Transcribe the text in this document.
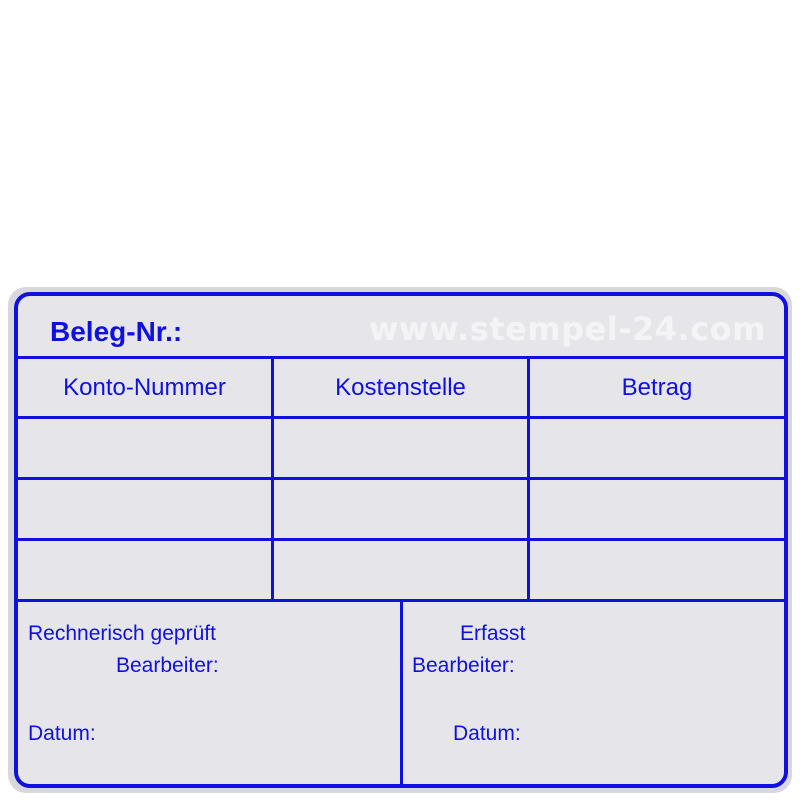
Beleg-Nr.:	www.stempel-24.com
Konto-Nummer	Kostenstelle	Betrag
Rechnerisch geprüft
Bearbeiter:
Datum:
Erfasst
Bearbeiter:
Datum:
